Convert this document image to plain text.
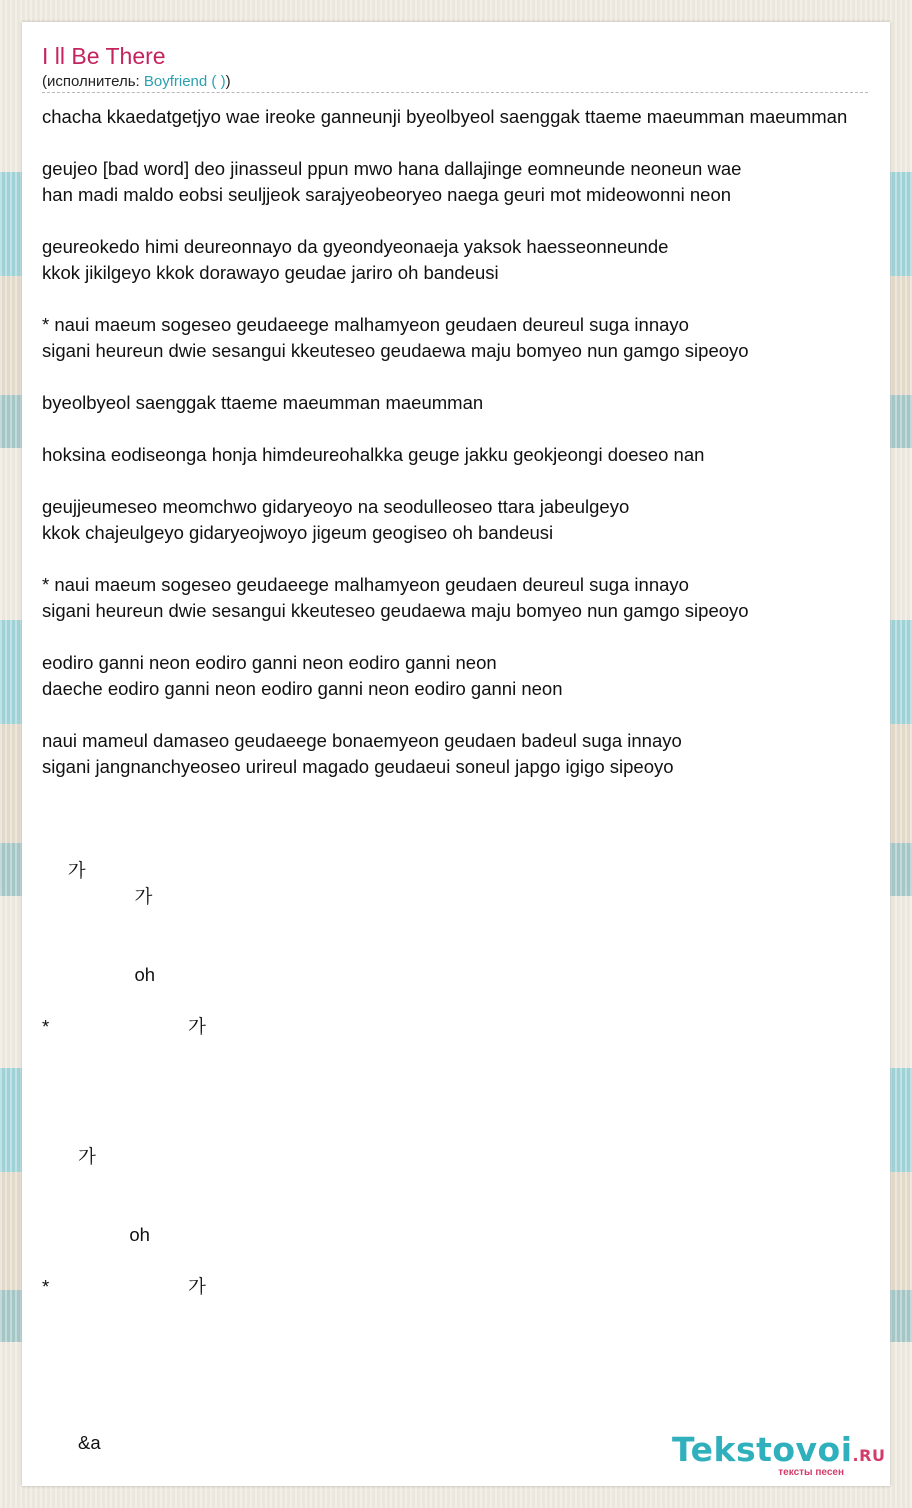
I ll Be There
(исполнитель: Boyfriend ( ))
chacha kkaedatgetjyo wae ireoke ganneunji byeolbyeol saenggak ttaeme maeumman maeumman
geujeo [bad word] deo jinasseul ppun mwo hana dallajinge eomneunde neoneun wae
han madi maldo eobsi seuljjeok sarajyeobeoryeo naega geuri mot mideowonni neon
geureokedo himi deureonnayo da gyeondyeonaeja yaksok haesseonneunde
kkok jikilgeyo kkok dorawayo geudae jariro oh bandeusi
* naui maeum sogeseo geudaeege malhamyeon geudaen deureul suga innayo
sigani heureun dwie sesangui kkeuteseo geudaewa maju bomyeo nun gamgo sipeoyo
byeolbyeol saenggak ttaeme maeumman maeumman
hoksina eodiseonga honja himdeureohalkka geuge jakku geokjeongi doeseo nan
geujjeumeseo meomchwo gidaryeoyo na seodulleoseo ttara jabeulgeyo
kkok chajeulgeyo gidaryeojwoyo jigeum geogiseo oh bandeusi
* naui maeum sogeseo geudaeege malhamyeon geudaen deureul suga innayo
sigani heureun dwie sesangui kkeuteseo geudaewa maju bomyeo nun gamgo sipeoyo
eodiro ganni neon eodiro ganni neon eodiro ganni neon
daeche eodiro ganni neon eodiro ganni neon eodiro ganni neon
naui mameul damaseo geudaeege bonaemyeon geudaen badeul suga innayo
sigani jangnanchyeoseo urireul magado geudaeui soneul japgo igigo sipeoyo
가
가
oh
*                           가
가
oh
*                           가
&a	Tekstovoi.RU
тексты песен
